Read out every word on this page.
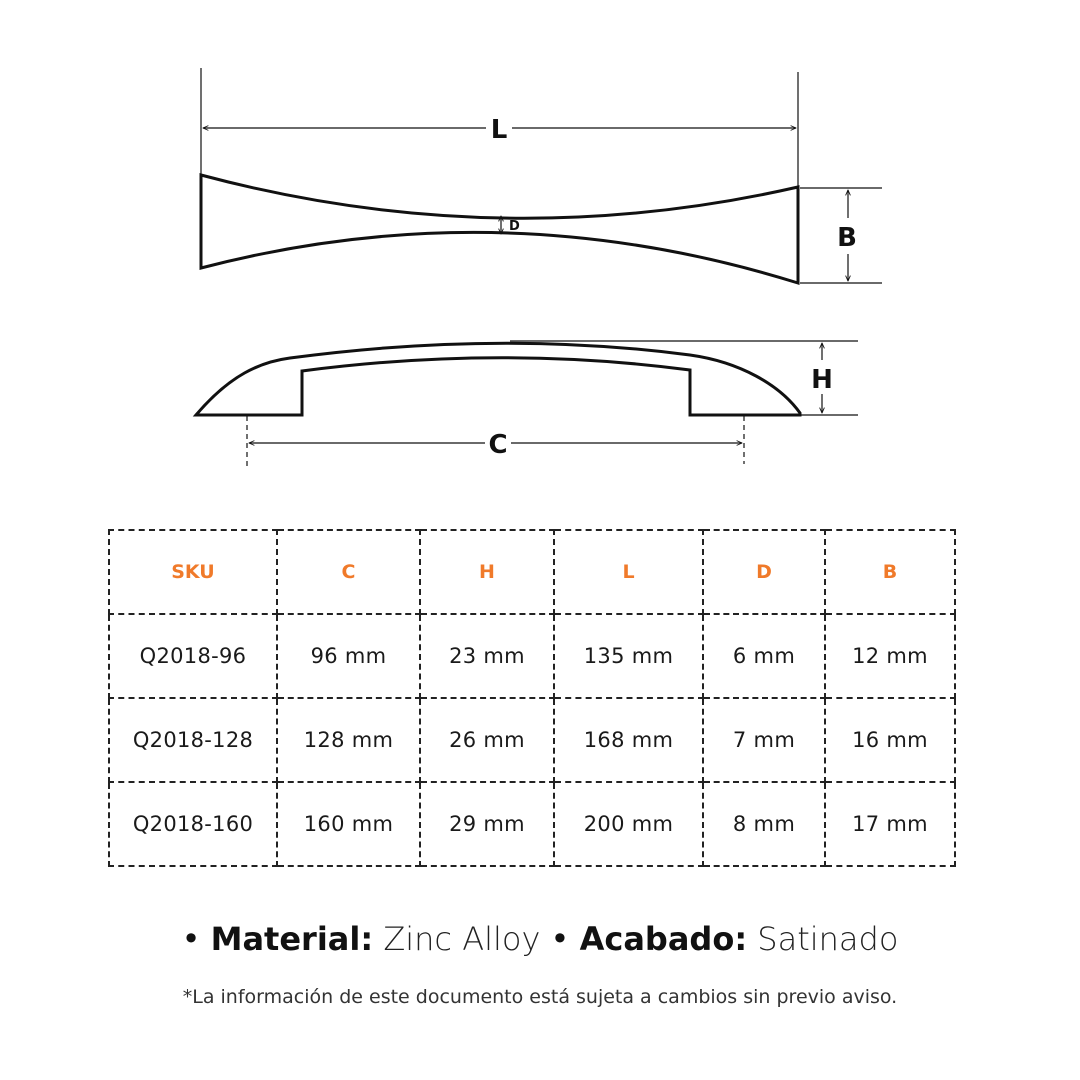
L
D	B
H
C
SKU	C	H	L	D	B
Q2018-96	96 mm	23 mm	135 mm	6 mm	12 mm
Q2018-128	128 mm	26 mm	168 mm	7 mm	16 mm
Q2018-160	160 mm	29 mm	200 mm	8 mm	17 mm
• Material: Zinc Alloy • Acabado: Satinado
*La información de este documento está sujeta a cambios sin previo aviso.
